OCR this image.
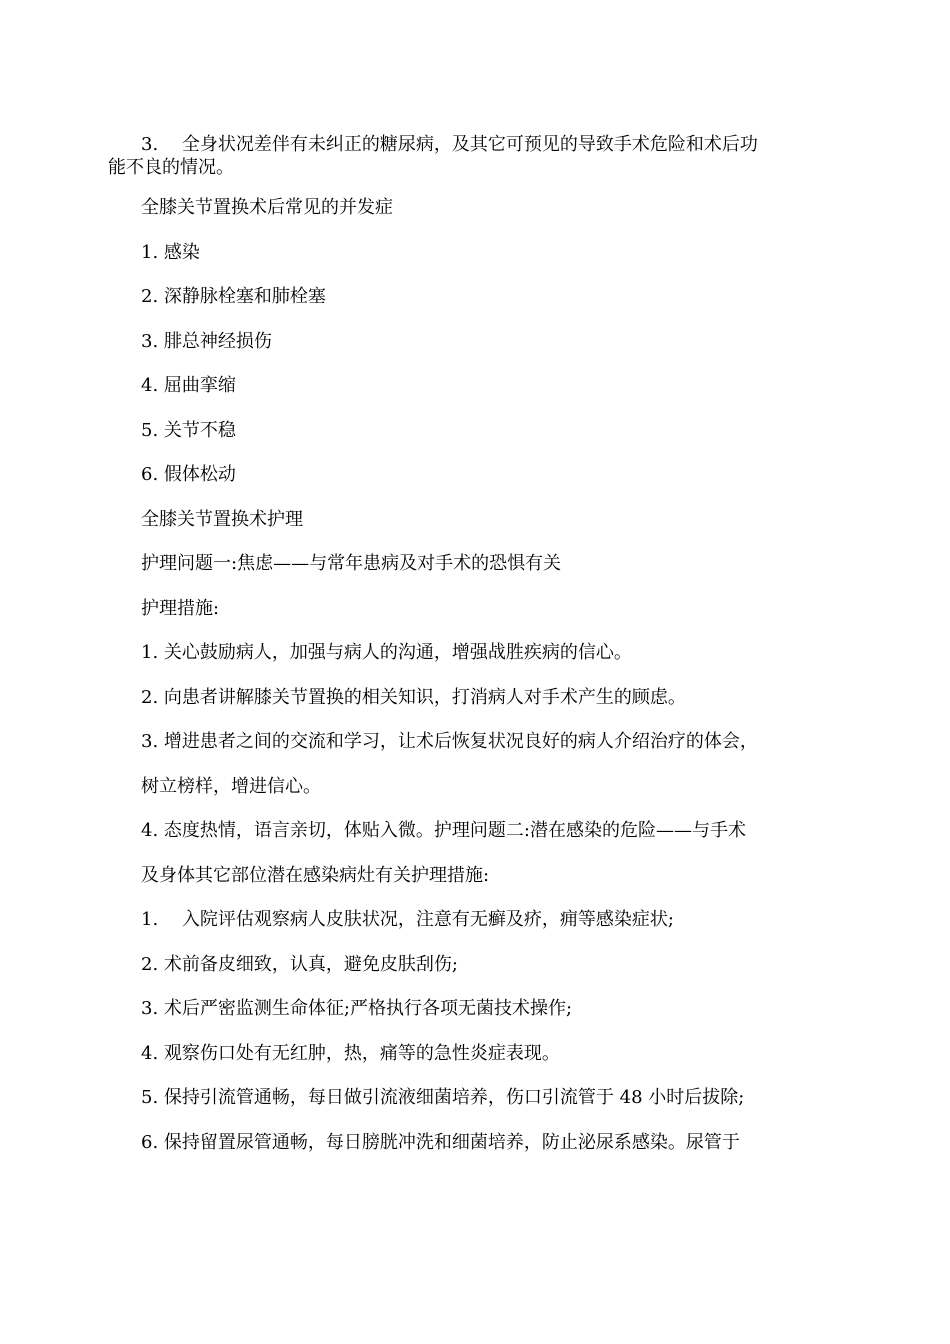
3.　 全身状况差伴有未纠正的糖尿病，及其它可预见的导致手术危险和术后功
能不良的情况。
全膝关节置换术后常见的并发症
1. 感染
2. 深静脉栓塞和肺栓塞
3. 腓总神经损伤
4. 屈曲挛缩
5. 关节不稳
6. 假体松动
全膝关节置换术护理
护理问题一:焦虑——与常年患病及对手术的恐惧有关
护理措施:
1. 关心鼓励病人，加强与病人的沟通，增强战胜疾病的信心。
2. 向患者讲解膝关节置换的相关知识，打消病人对手术产生的顾虑。
3. 增进患者之间的交流和学习，让术后恢复状况良好的病人介绍治疗的体会，
树立榜样，增进信心。
4. 态度热情，语言亲切，体贴入微。护理问题二:潜在感染的危险——与手术
及身体其它部位潜在感染病灶有关护理措施:
1.　 入院评估观察病人皮肤状况，注意有无癣及疥，痈等感染症状;
2. 术前备皮细致，认真，避免皮肤刮伤;
3. 术后严密监测生命体征;严格执行各项无菌技术操作;
4. 观察伤口处有无红肿，热，痛等的急性炎症表现。
5. 保持引流管通畅，每日做引流液细菌培养，伤口引流管于 48 小时后拔除;
6. 保持留置尿管通畅，每日膀胱冲洗和细菌培养，防止泌尿系感染。尿管于
